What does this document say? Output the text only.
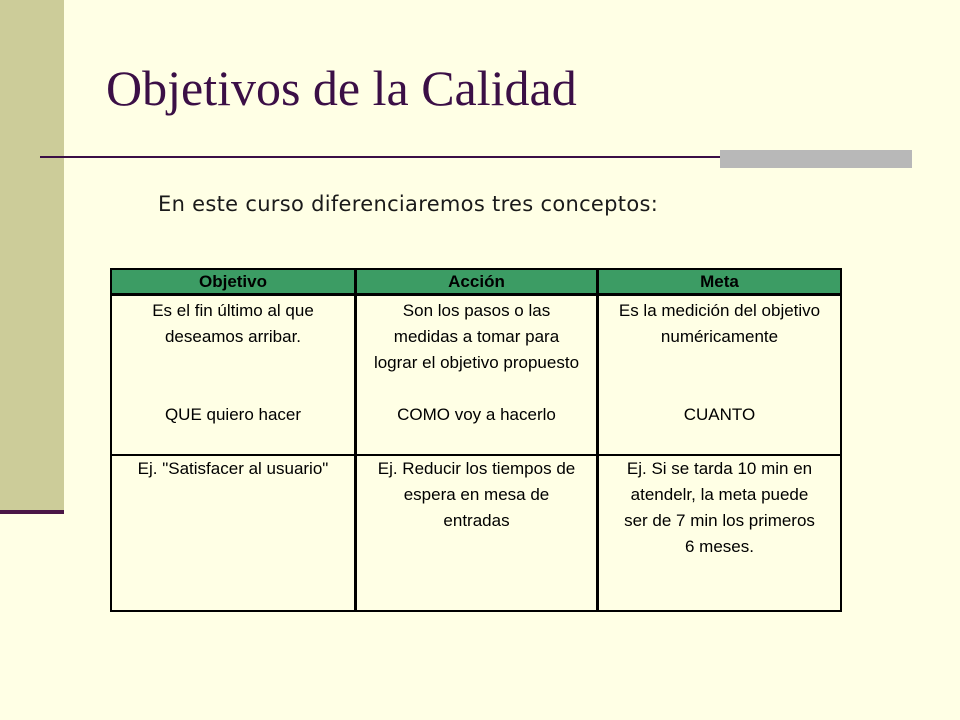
Objetivos de la Calidad
En este curso diferenciaremos tres conceptos:
Objetivo
Es el fin último al que
deseamos arribar.
QUE quiero hacer
Ej. "Satisfacer al usuario"
Acción
Son los pasos o las
medidas a tomar para
lograr el objetivo propuesto
COMO voy a hacerlo
Ej. Reducir los tiempos de
espera en mesa de
entradas
Meta
Es la medición del objetivo
numéricamente
CUANTO
Ej. Si se tarda 10 min en
atendelr, la meta puede
ser de 7 min los primeros
6 meses.
